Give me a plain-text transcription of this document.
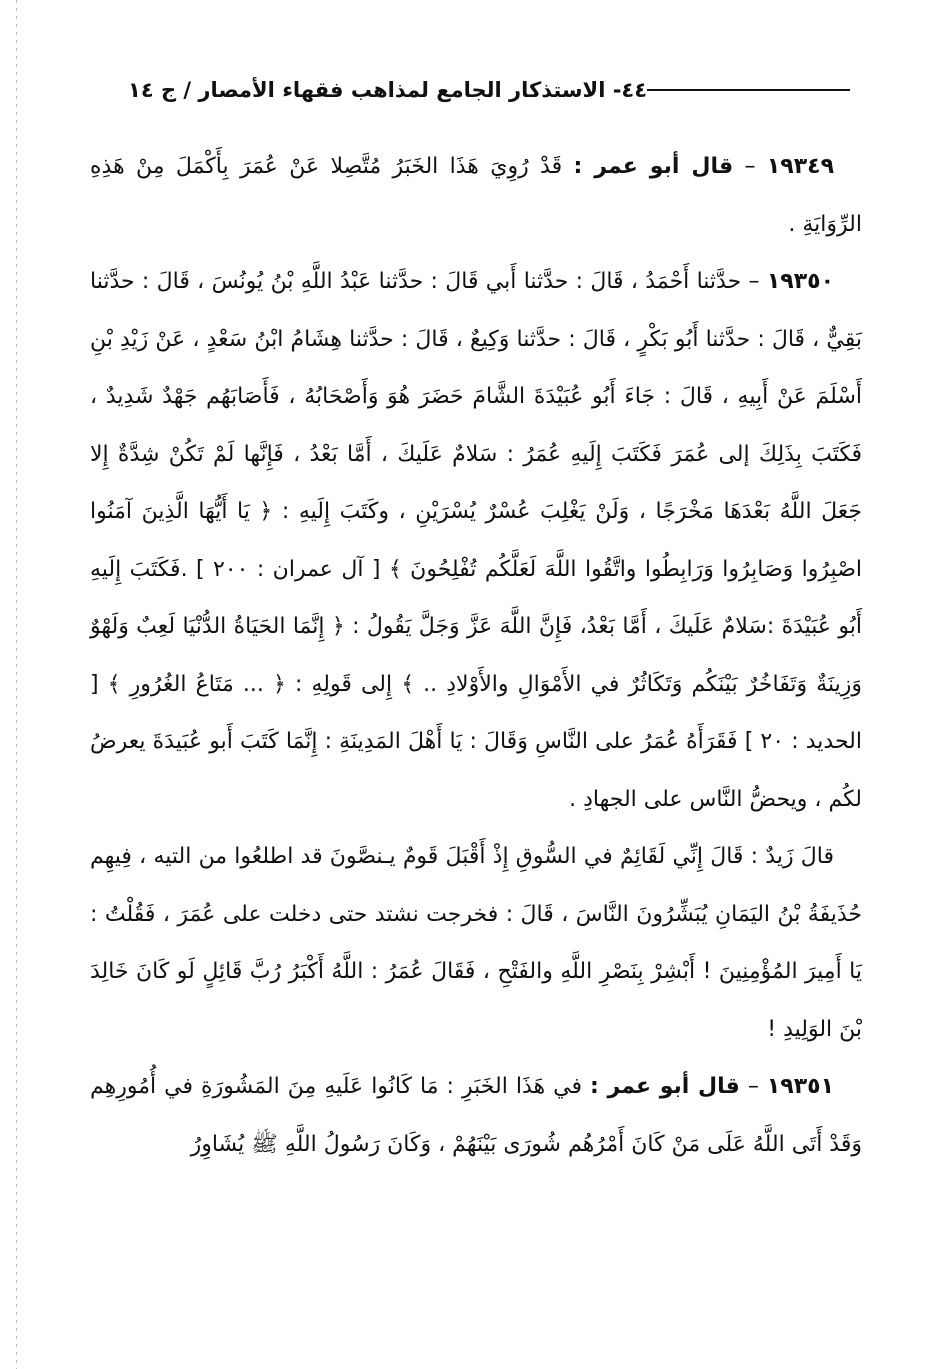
٤٤- الاستذكار الجامع لمذاهب فقهاء الأمصار / ج ١٤

١٩٣٤٩ – قال أبو عمر : قَدْ رُوِيَ هَذَا الخَبَرُ مُتَّصِلا عَنْ عُمَرَ بِأَكْمَلَ مِنْ هَذِهِ الرِّوَايَةِ .

١٩٣٥٠ – حدَّثنا أَحْمَدُ ، قَالَ : حدَّثنا أَبي قَالَ : حدَّثنا عَبْدُ اللَّهِ بْنُ يُونُسَ ، قَالَ : حدَّثنا بَقِيٌّ ، قَالَ : حدَّثنا أَبُو بَكْرٍ ، قَالَ : حدَّثنا وَكِيعٌ ، قَالَ : حدَّثنا هِشَامُ ابْنُ سَعْدٍ ، عَنْ زَيْدِ بْنِ أَسْلَمَ عَنْ أَبِيهِ ، قَالَ : جَاءَ أَبُو عُبَيْدَةَ الشَّامَ حَضَرَ هُوَ وَأَصْحَابُهُ ، فَأَصَابَهُم جَهْدٌ شَدِيدٌ ، فَكَتَبَ بِذَلِكَ إلى عُمَرَ فَكَتَبَ إِلَيهِ عُمَرُ : سَلامٌ عَلَيكَ ، أَمَّا بَعْدُ ، فَإِنَّها لَمْ تَكُنْ شِدَّةٌ إِلا جَعَلَ اللَّهُ بَعْدَهَا مَخْرَجًا ، وَلَنْ يَغْلِبَ عُسْرٌ يُسْرَيْنِ ، وكَتَبَ إِلَيهِ : ﴿ يَا أَيُّهَا الَّذِينَ آمَنُوا اصْبِرُوا وَصَابِرُوا وَرَابِطُوا واتَّقُوا اللَّهَ لَعَلَّكُم تُفْلِحُونَ ﴾ [ آل عمران : ٢٠٠ ] .فَكَتَبَ إِلَيهِ أَبُو عُبَيْدَةَ :سَلامٌ عَلَيكَ ، أَمَّا بَعْدُ، فَإِنَّ اللَّهَ عَزَّ وَجَلَّ يَقُولُ : ﴿ إِنَّمَا الحَيَاةُ الدُّنْيَا لَعِبٌ وَلَهْوٌ وَزِينَةٌ وَتَفَاخُرٌ بَيْنَكُم وَتَكَاثُرٌ في الأَمْوَالِ والأَوْلادِ .. ﴾ إِلى قَولِهِ : ﴿ ... مَتَاعُ الغُرُورِ ﴾ [ الحديد : ٢٠ ] فَقَرَأَهُ عُمَرُ على النَّاسِ وَقَالَ : يَا أَهْلَ المَدِينَةِ : إِنَّمَا كَتَبَ أَبو عُبَيدَةَ يعرضُ لكُم ، ويحضُّ النَّاس على الجهادِ .

قالَ زَيدٌ : قَالَ إِنِّي لَقَائِمٌ في السُّوقِ إِذْ أَقْبَلَ قَومٌ يـنصَّونَ قد اطلعُوا من التيه ، فِيهِم حُذَيفَةُ بْنُ اليَمَانِ يُبَشِّرُونَ النَّاسَ ، قَالَ : فخرجت نشتد حتى دخلت على عُمَرَ ، فَقُلْتُ : يَا أَمِيرَ المُؤْمِنِينَ ! أَبْشِرْ بِنَصْرِ اللَّهِ والفَتْحِ ، فَقَالَ عُمَرُ : اللَّهُ أَكْبَرُ رُبَّ قَائِلٍ لَو كَانَ خَالِدَ بْنَ الوَلِيدِ !

١٩٣٥١ – قال أبو عمر : في هَذَا الخَبَرِ : مَا كَانُوا عَلَيهِ مِنَ المَشُورَةِ في أُمُورِهِم وَقَدْ أَتَى اللَّهُ عَلَى مَنْ كَانَ أَمْرُهُم شُورَى بَيْنَهُمْ ، وَكَانَ رَسُولُ اللَّهِ ﷺ يُشَاوِرُ
